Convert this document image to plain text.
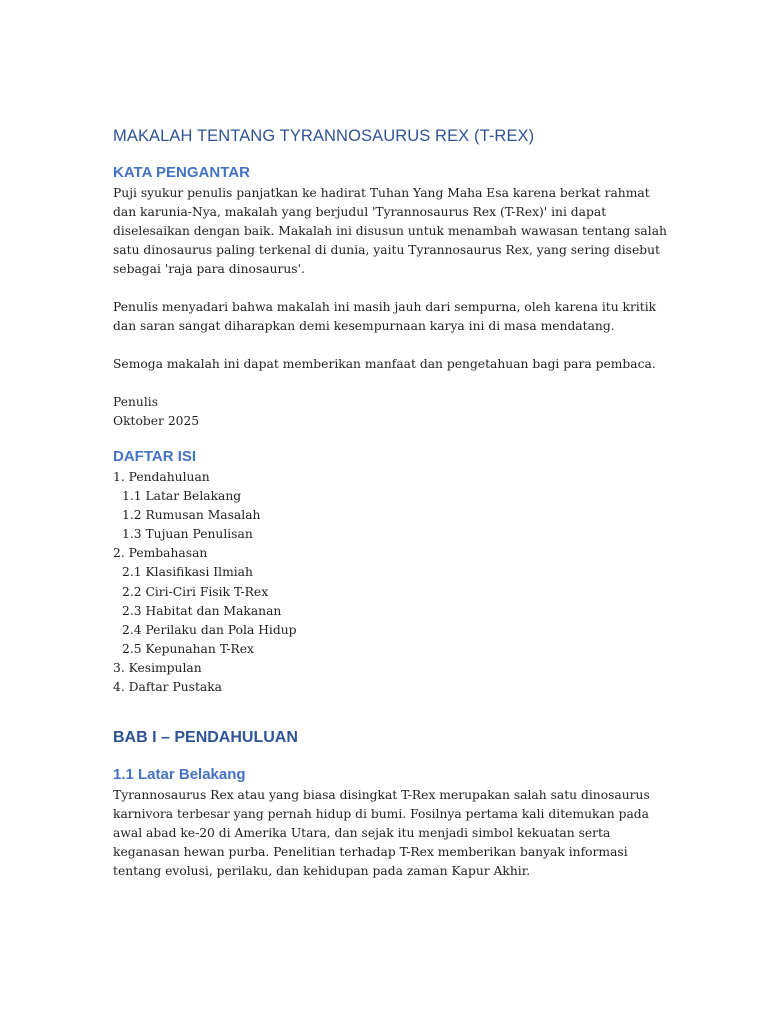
MAKALAH TENTANG TYRANNOSAURUS REX (T-REX)
KATA PENGANTAR

Puji syukur penulis panjatkan ke hadirat Tuhan Yang Maha Esa karena berkat rahmat dan karunia-Nya, makalah yang berjudul 'Tyrannosaurus Rex (T-Rex)' ini dapat diselesaikan dengan baik. Makalah ini disusun untuk menambah wawasan tentang salah satu dinosaurus paling terkenal di dunia, yaitu Tyrannosaurus Rex, yang sering disebut sebagai 'raja para dinosaurus'.

Penulis menyadari bahwa makalah ini masih jauh dari sempurna, oleh karena itu kritik dan saran sangat diharapkan demi kesempurnaan karya ini di masa mendatang.

Semoga makalah ini dapat memberikan manfaat dan pengetahuan bagi para pembaca.

Penulis

Oktober 2025

DAFTAR ISI

1. Pendahuluan

1.1 Latar Belakang

1.2 Rumusan Masalah

1.3 Tujuan Penulisan

2. Pembahasan

2.1 Klasifikasi Ilmiah

2.2 Ciri-Ciri Fisik T-Rex

2.3 Habitat dan Makanan

2.4 Perilaku dan Pola Hidup

2.5 Kepunahan T-Rex

3. Kesimpulan

4. Daftar Pustaka

BAB I – PENDAHULUAN
1.1 Latar Belakang

Tyrannosaurus Rex atau yang biasa disingkat T-Rex merupakan salah satu dinosaurus karnivora terbesar yang pernah hidup di bumi. Fosilnya pertama kali ditemukan pada awal abad ke-20 di Amerika Utara, dan sejak itu menjadi simbol kekuatan serta keganasan hewan purba. Penelitian terhadap T-Rex memberikan banyak informasi tentang evolusi, perilaku, dan kehidupan pada zaman Kapur Akhir.
